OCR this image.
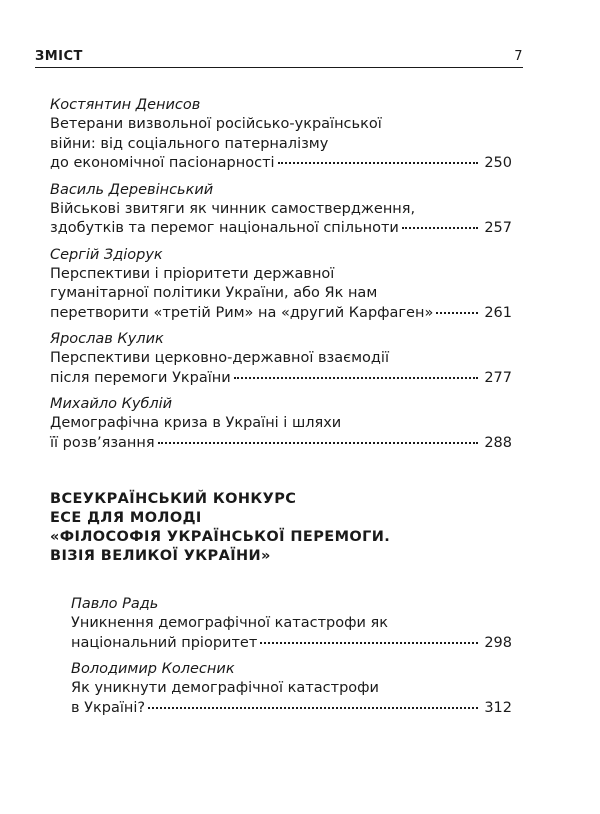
ЗМІСТ	7
Костянтин Денисов
Ветерани визвольної російсько-української
війни: від соціального патерналізму
до економічної пасіонарності	250
Василь Деревінський
Військові звитяги як чинник самоствердження,
здобутків та перемог національної спільноти	257
Сергій Здіорук
Перспективи і пріоритети державної
гуманітарної політики України, або Як нам
перетворити «третій Рим» на «другий Карфаген»	261
Ярослав Кулик
Перспективи церковно-державної взаємодії
після перемоги України	277
Михайло Кублій
Демографічна криза в Україні і шляхи
її розв’язання	288
ВСЕУКРАЇНСЬКИЙ КОНКУРС
ЕСЕ ДЛЯ МОЛОДІ
«ФІЛОСОФІЯ УКРАЇНСЬКОЇ ПЕРЕМОГИ.
ВІЗІЯ ВЕЛИКОЇ УКРАЇНИ»
Павло Радь
Уникнення демографічної катастрофи як
національний пріоритет	298
Володимир Колесник
Як уникнути демографічної катастрофи
в Україні?	312
